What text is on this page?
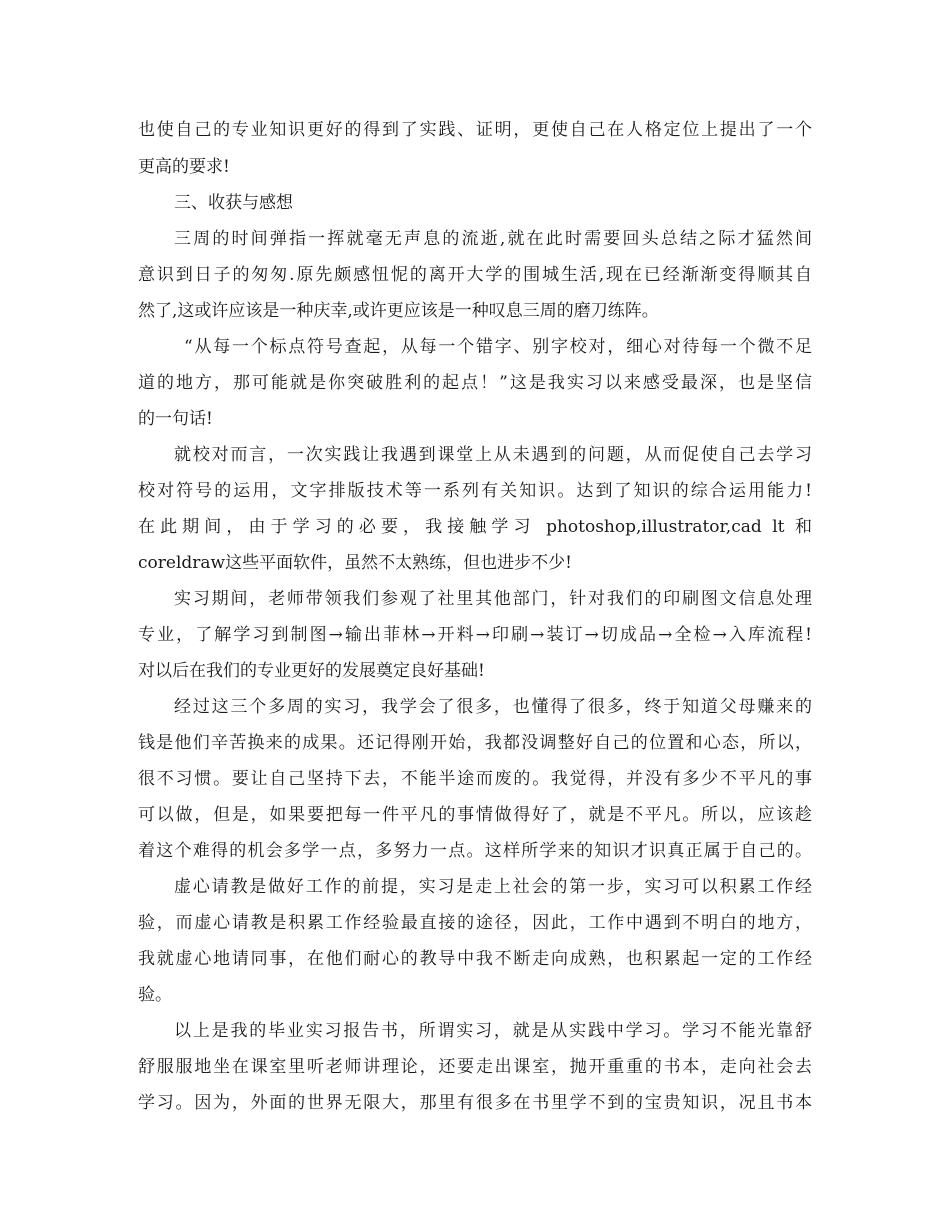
也使自己的专业知识更好的得到了实践、证明，更使自己在人格定位上提出了一个
更高的要求!
三、收获与感想
三周的时间弹指一挥就毫无声息的流逝,就在此时需要回头总结之际才猛然间
意识到日子的匆匆.原先颇感忸怩的离开大学的围城生活,现在已经渐渐变得顺其自
然了,这或许应该是一种庆幸,或许更应该是一种叹息三周的磨刀练阵。
“从每一个标点符号查起，从每一个错字、别字校对，细心对待每一个微不足
道的地方，那可能就是你突破胜利的起点！”这是我实习以来感受最深，也是坚信
的一句话!
就校对而言，一次实践让我遇到课堂上从未遇到的问题，从而促使自己去学习
校对符号的运用，文字排版技术等一系列有关知识。达到了知识的综合运用能力!
在此期间，由于学习的必要，我接触学习 photoshop,illustrator,cad lt 和
coreldraw这些平面软件，虽然不太熟练，但也进步不少!
实习期间，老师带领我们参观了社里其他部门，针对我们的印刷图文信息处理
专业，了解学习到制图→输出菲林→开料→印刷→装订→切成品→全检→入库流程!
对以后在我们的专业更好的发展奠定良好基础!
经过这三个多周的实习，我学会了很多，也懂得了很多，终于知道父母赚来的
钱是他们辛苦换来的成果。还记得刚开始，我都没调整好自己的位置和心态，所以，
很不习惯。要让自己坚持下去，不能半途而废的。我觉得，并没有多少不平凡的事
可以做，但是，如果要把每一件平凡的事情做得好了，就是不平凡。所以，应该趁
着这个难得的机会多学一点，多努力一点。这样所学来的知识才识真正属于自己的。
虚心请教是做好工作的前提，实习是走上社会的第一步，实习可以积累工作经
验，而虚心请教是积累工作经验最直接的途径，因此，工作中遇到不明白的地方，
我就虚心地请同事，在他们耐心的教导中我不断走向成熟，也积累起一定的工作经
验。
以上是我的毕业实习报告书，所谓实习，就是从实践中学习。学习不能光靠舒
舒服服地坐在课室里听老师讲理论，还要走出课室，抛开重重的书本，走向社会去
学习。因为，外面的世界无限大，那里有很多在书里学不到的宝贵知识，况且书本
